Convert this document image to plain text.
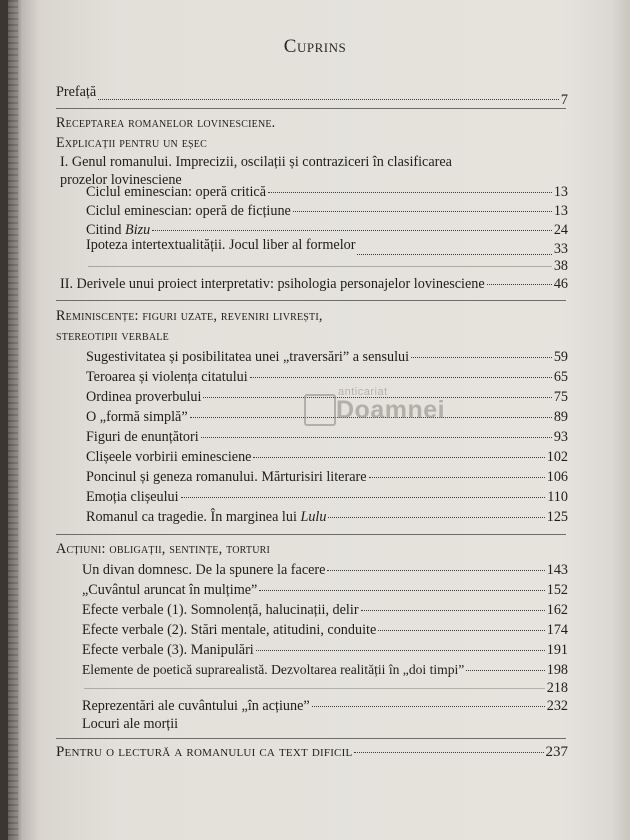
Cuprins
Prefață	7
Receptarea romanelor lovinesciene.
Explicații pentru un eșec
I. Genul romanului. Imprecizii, oscilații și contraziceri în clasificarea
prozelor lovinesciene
Ciclul eminescian: operă critică	13
Ciclul eminescian: operă de ficțiune	13
Citind Bizu	24
Ipoteza intertextualității. Jocul liber al formelor	33
38
II. Derivele unui proiect interpretativ: psihologia personajelor lovinesciene	46
Reminiscențe: figuri uzate, reveniri livrești,
stereotipii verbale
Sugestivitatea și posibilitatea unei „traversări” a sensului	59
Teroarea și violența citatului	65
Ordinea proverbului	75
O „formă simplă”	89
Figuri de enunțători	93
Clișeele vorbirii eminesciene	102
Poncinul și geneza romanului. Mărturisiri literare	106
Emoția clișeului	110
Romanul ca tragedie. În marginea lui Lulu	125
Acțiuni: obligații, sentințe, torturi
Un divan domnesc. De la spunere la facere	143
„Cuvântul aruncat în mulțime”	152
Efecte verbale (1). Somnolență, halucinații, delir	162
Efecte verbale (2). Stări mentale, atitudini, conduite	174
Efecte verbale (3). Manipulări	191
Elemente de poetică suprarealistă. Dezvoltarea realității în „doi timpi”	198
218
Reprezentări ale cuvântului „în acțiune”	232
Locuri ale morții
Pentru o lectură a romanului ca text dificil	237
anticariat
Doamnei
